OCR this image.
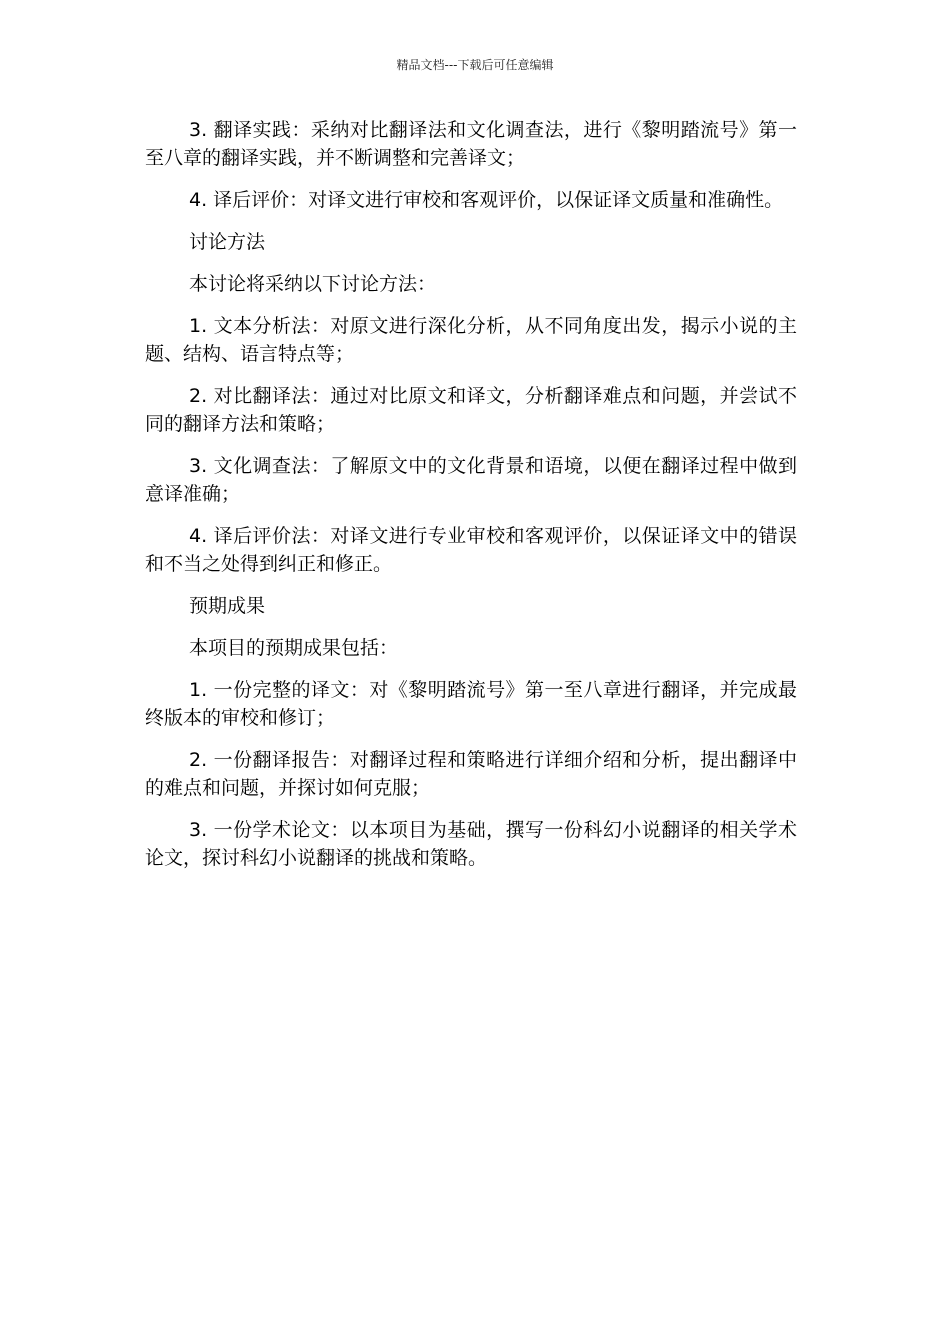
精品文档---下载后可任意编辑

3. 翻译实践：采纳对比翻译法和文化调查法，进行《黎明踏流号》第一至八章的翻译实践，并不断调整和完善译文；

4. 译后评价：对译文进行审校和客观评价，以保证译文质量和准确性。

讨论方法

本讨论将采纳以下讨论方法：

1. 文本分析法：对原文进行深化分析，从不同角度出发，揭示小说的主题、结构、语言特点等；

2. 对比翻译法：通过对比原文和译文，分析翻译难点和问题，并尝试不同的翻译方法和策略；

3. 文化调查法：了解原文中的文化背景和语境，以便在翻译过程中做到意译准确；

4. 译后评价法：对译文进行专业审校和客观评价，以保证译文中的错误和不当之处得到纠正和修正。

预期成果

本项目的预期成果包括：

1. 一份完整的译文：对《黎明踏流号》第一至八章进行翻译，并完成最终版本的审校和修订；

2. 一份翻译报告：对翻译过程和策略进行详细介绍和分析，提出翻译中的难点和问题，并探讨如何克服；

3. 一份学术论文：以本项目为基础，撰写一份科幻小说翻译的相关学术论文，探讨科幻小说翻译的挑战和策略。
